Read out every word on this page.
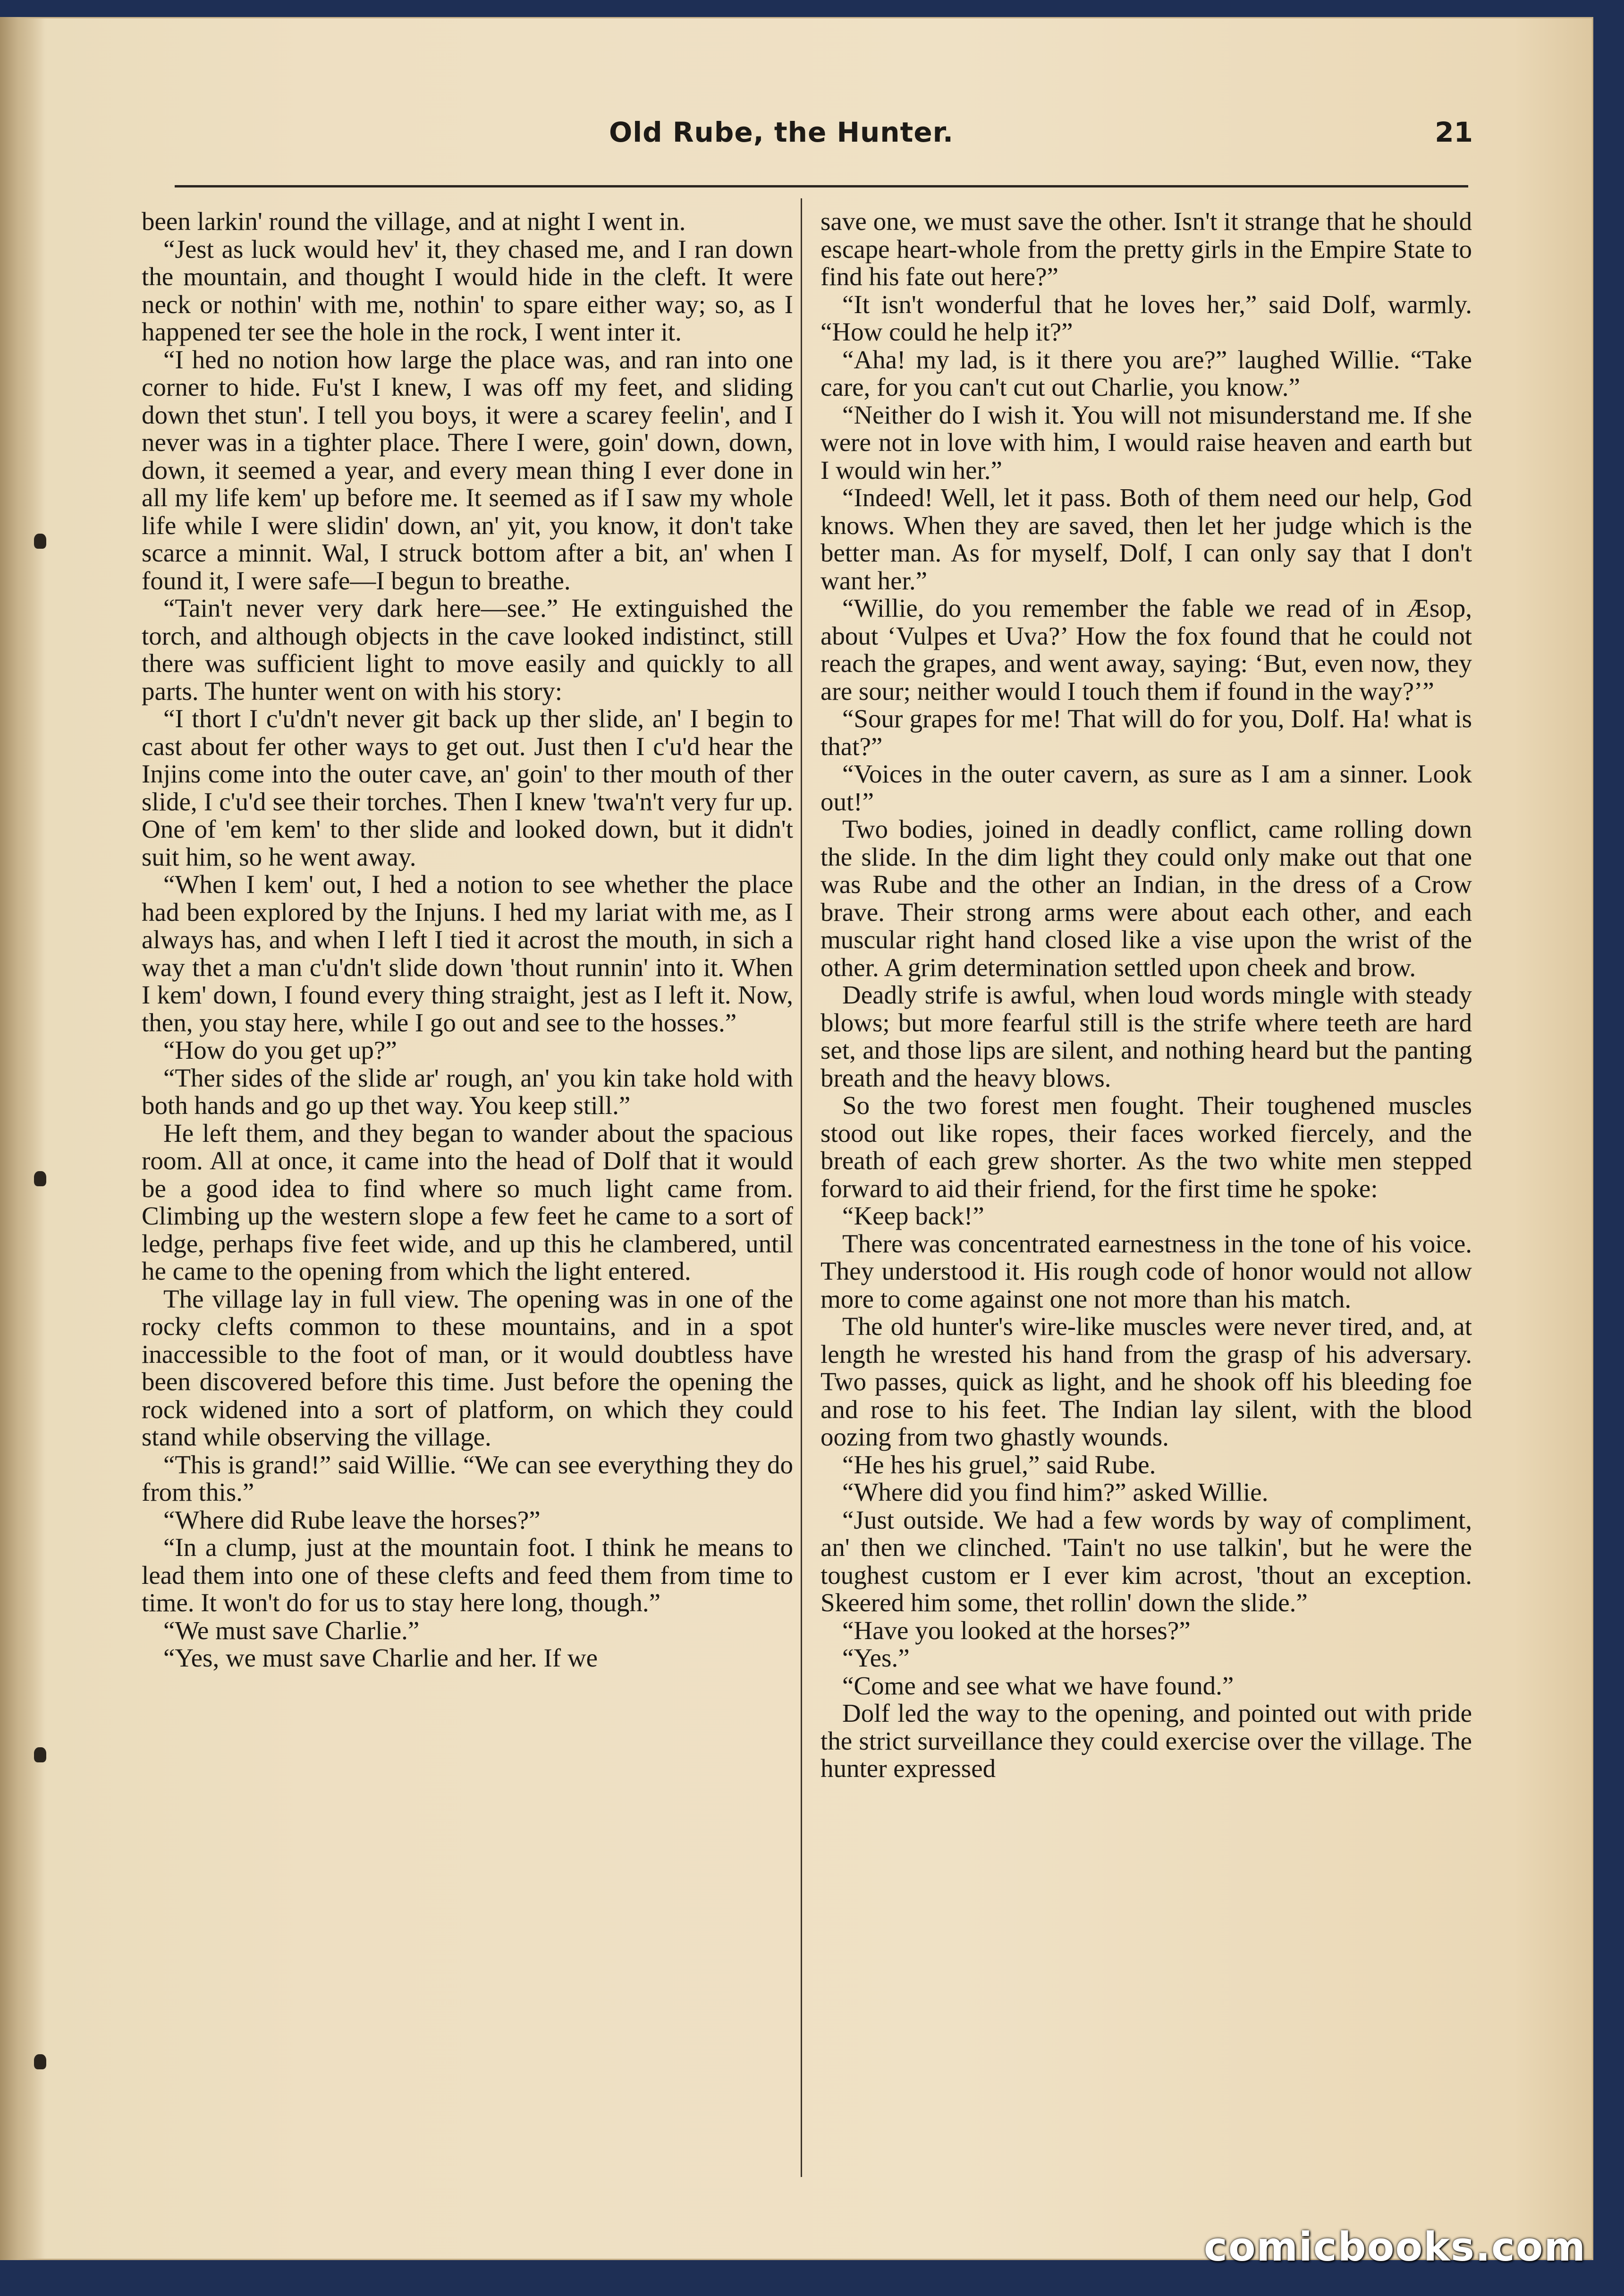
Old Rube, the Hunter.	21

been larkin' round the village, and at night I went in.

“Jest as luck would hev' it, they chased me, and I ran down the mountain, and thought I would hide in the cleft. It were neck or nothin' with me, nothin' to spare either way; so, as I happened ter see the hole in the rock, I went inter it.

“I hed no notion how large the place was, and ran into one corner to hide. Fu'st I knew, I was off my feet, and sliding down thet stun'. I tell you boys, it were a scarey feelin', and I never was in a tighter place. There I were, goin' down, down, down, it seemed a year, and every mean thing I ever done in all my life kem' up before me. It seemed as if I saw my whole life while I were slidin' down, an' yit, you know, it don't take scarce a minnit. Wal, I struck bottom after a bit, an' when I found it, I were safe—I begun to breathe.

“Tain't never very dark here—see.” He extinguished the torch, and although objects in the cave looked indistinct, still there was sufficient light to move easily and quickly to all parts. The hunter went on with his story:

“I thort I c'u'dn't never git back up ther slide, an' I begin to cast about fer other ways to get out. Just then I c'u'd hear the Injins come into the outer cave, an' goin' to ther mouth of ther slide, I c'u'd see their torches. Then I knew 'twa'n't very fur up. One of 'em kem' to ther slide and looked down, but it didn't suit him, so he went away.

“When I kem' out, I hed a notion to see whether the place had been explored by the Injuns. I hed my lariat with me, as I always has, and when I left I tied it acrost the mouth, in sich a way thet a man c'u'dn't slide down 'thout runnin' into it. When I kem' down, I found every thing straight, jest as I left it. Now, then, you stay here, while I go out and see to the hosses.”

“How do you get up?”

“Ther sides of the slide ar' rough, an' you kin take hold with both hands and go up thet way. You keep still.”

He left them, and they began to wander about the spacious room. All at once, it came into the head of Dolf that it would be a good idea to find where so much light came from. Climbing up the western slope a few feet he came to a sort of ledge, perhaps five feet wide, and up this he clambered, until he came to the opening from which the light entered.

The village lay in full view. The opening was in one of the rocky clefts common to these mountains, and in a spot inaccessible to the foot of man, or it would doubtless have been discovered before this time. Just before the opening the rock widened into a sort of platform, on which they could stand while observing the village.

“This is grand!” said Willie. “We can see everything they do from this.”

“Where did Rube leave the horses?”

“In a clump, just at the mountain foot. I think he means to lead them into one of these clefts and feed them from time to time. It won't do for us to stay here long, though.”

“We must save Charlie.”

“Yes, we must save Charlie and her. If we

save one, we must save the other. Isn't it strange that he should escape heart-whole from the pretty girls in the Empire State to find his fate out here?”

“It isn't wonderful that he loves her,” said Dolf, warmly. “How could he help it?”

“Aha! my lad, is it there you are?” laughed Willie. “Take care, for you can't cut out Charlie, you know.”

“Neither do I wish it. You will not misunderstand me. If she were not in love with him, I would raise heaven and earth but I would win her.”

“Indeed! Well, let it pass. Both of them need our help, God knows. When they are saved, then let her judge which is the better man. As for myself, Dolf, I can only say that I don't want her.”

“Willie, do you remember the fable we read of in Æsop, about ‘Vulpes et Uva?’ How the fox found that he could not reach the grapes, and went away, saying: ‘But, even now, they are sour; neither would I touch them if found in the way?’”

“Sour grapes for me! That will do for you, Dolf. Ha! what is that?”

“Voices in the outer cavern, as sure as I am a sinner. Look out!”

Two bodies, joined in deadly conflict, came rolling down the slide. In the dim light they could only make out that one was Rube and the other an Indian, in the dress of a Crow brave. Their strong arms were about each other, and each muscular right hand closed like a vise upon the wrist of the other. A grim determination settled upon cheek and brow.

Deadly strife is awful, when loud words mingle with steady blows; but more fearful still is the strife where teeth are hard set, and those lips are silent, and nothing heard but the panting breath and the heavy blows.

So the two forest men fought. Their toughened muscles stood out like ropes, their faces worked fiercely, and the breath of each grew shorter. As the two white men stepped forward to aid their friend, for the first time he spoke:

“Keep back!”

There was concentrated earnestness in the tone of his voice. They understood it. His rough code of honor would not allow more to come against one not more than his match.

The old hunter's wire-like muscles were never tired, and, at length he wrested his hand from the grasp of his adversary. Two passes, quick as light, and he shook off his bleeding foe and rose to his feet. The Indian lay silent, with the blood oozing from two ghastly wounds.

“He hes his gruel,” said Rube.

“Where did you find him?” asked Willie.

“Just outside. We had a few words by way of compliment, an' then we clinched. 'Tain't no use talkin', but he were the toughest custom er I ever kim acrost, 'thout an exception. Skeered him some, thet rollin' down the slide.”

“Have you looked at the horses?”

“Yes.”

“Come and see what we have found.”

Dolf led the way to the opening, and pointed out with pride the strict surveillance they could exercise over the village. The hunter expressed

comicbooks.com
